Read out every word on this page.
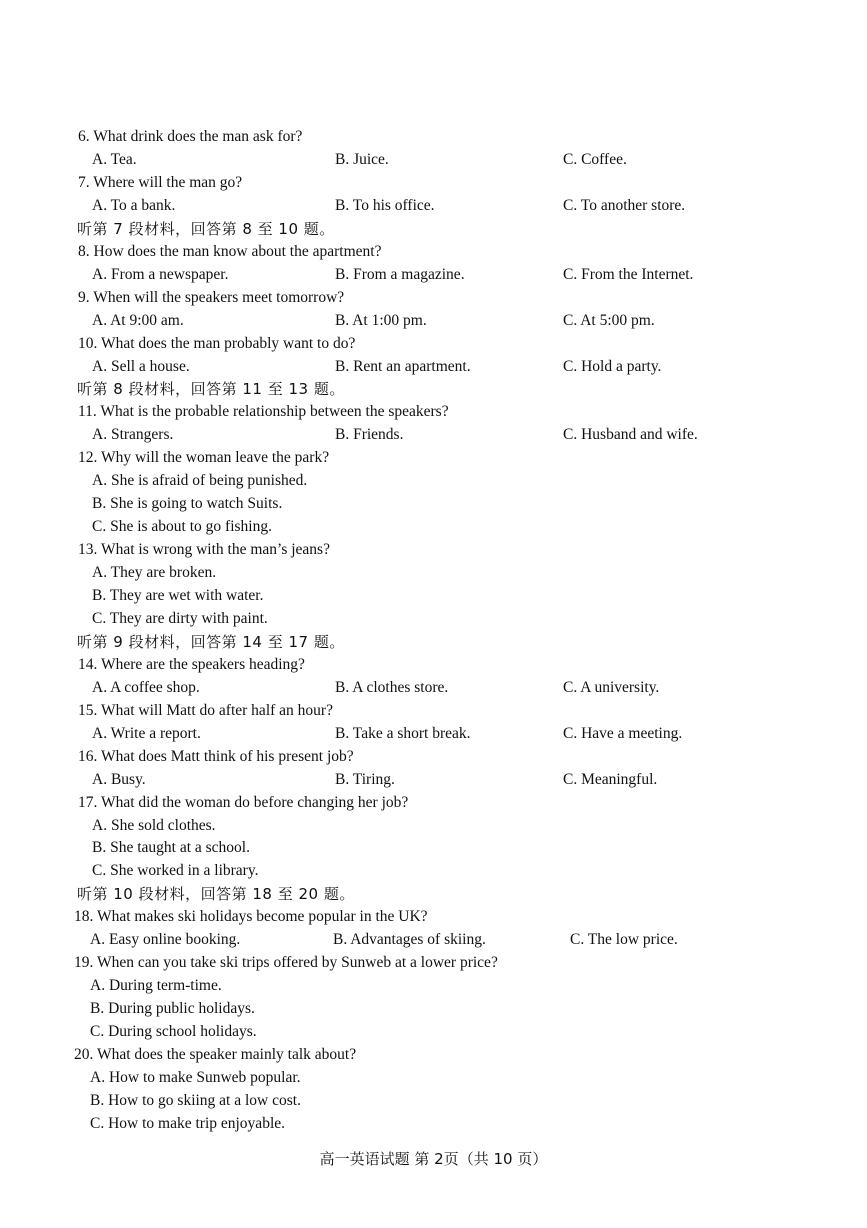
6. What drink does the man ask for?
A. Tea.	B. Juice.	C. Coffee.
7. Where will the man go?
A. To a bank.	B. To his office.	C. To another store.
听第 7 段材料，回答第 8 至 10 题。
8. How does the man know about the apartment?
A. From a newspaper.	B. From a magazine.	C. From the Internet.
9. When will the speakers meet tomorrow?
A. At 9:00 am.	B. At 1:00 pm.	C. At 5:00 pm.
10. What does the man probably want to do?
A. Sell a house.	B. Rent an apartment.	C. Hold a party.
听第 8 段材料，回答第 11 至 13 题。
11. What is the probable relationship between the speakers?
A. Strangers.	B. Friends.	C. Husband and wife.
12. Why will the woman leave the park?
A. She is afraid of being punished.
B. She is going to watch Suits.
C. She is about to go fishing.
13. What is wrong with the man’s jeans?
A. They are broken.
B. They are wet with water.
C. They are dirty with paint.
听第 9 段材料，回答第 14 至 17 题。
14. Where are the speakers heading?
A. A coffee shop.	B. A clothes store.	C. A university.
15. What will Matt do after half an hour?
A. Write a report.	B. Take a short break.	C. Have a meeting.
16. What does Matt think of his present job?
A. Busy.	B. Tiring.	C. Meaningful.
17. What did the woman do before changing her job?
A. She sold clothes.
B. She taught at a school.
C. She worked in a library.
听第 10 段材料，回答第 18 至 20 题。
18. What makes ski holidays become popular in the UK?
A. Easy online booking.	B. Advantages of skiing.	C. The low price.
19. When can you take ski trips offered by Sunweb at a lower price?
A. During term-time.
B. During public holidays.
C. During school holidays.
20. What does the speaker mainly talk about?
A. How to make Sunweb popular.
B. How to go skiing at a low cost.
C. How to make trip enjoyable.
高一英语试题 第 2页（共 10 页）
